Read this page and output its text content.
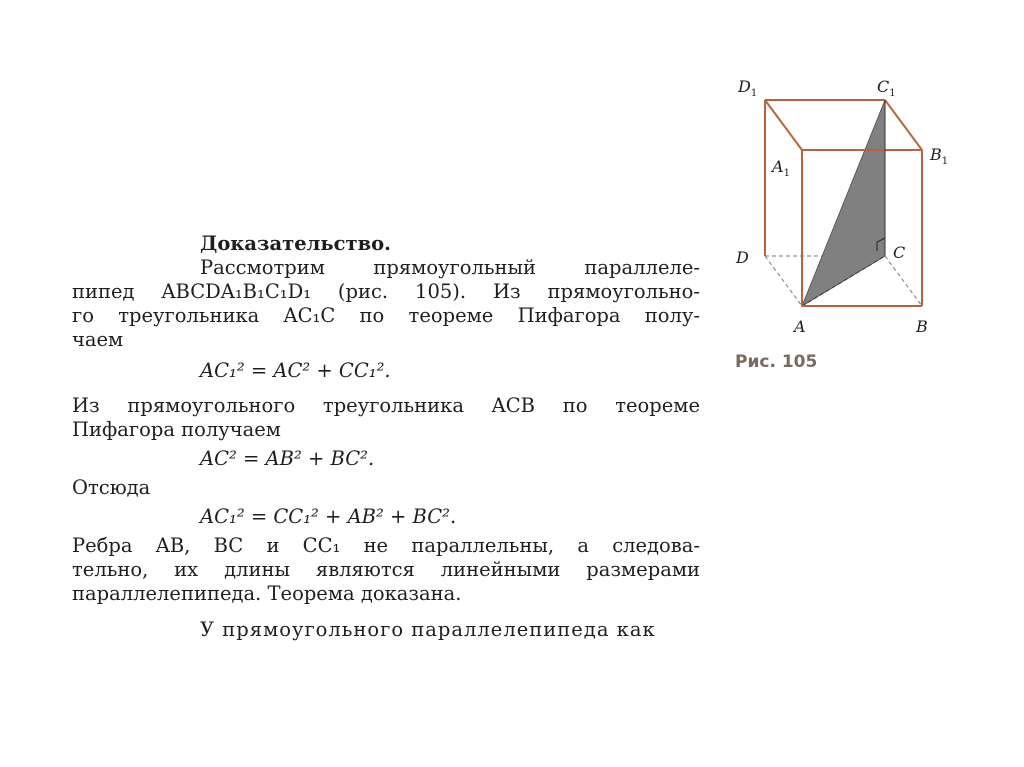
Доказательство.
Рассмотрим прямоугольный параллеле-
пипед ABCDA₁B₁C₁D₁ (рис. 105). Из прямоугольно-
го треугольника AC₁C по теореме Пифагора полу-
чаем
AC₁² = AC² + CC₁².
Из прямоугольного треугольника ACB по теореме
Пифагора получаем
AC² = AB² + BC².
Отсюда
AC₁² = CC₁² + AB² + BC².
Ребра AB, BC и CC₁ не параллельны, а следова-
тельно, их длины являются линейными размерами
параллелепипеда. Теорема доказана.
У прямоугольного параллелепипеда как
$D_1$	$C_1$
$A_1$
$B_1$
D	C
A	B
Рис. 105
